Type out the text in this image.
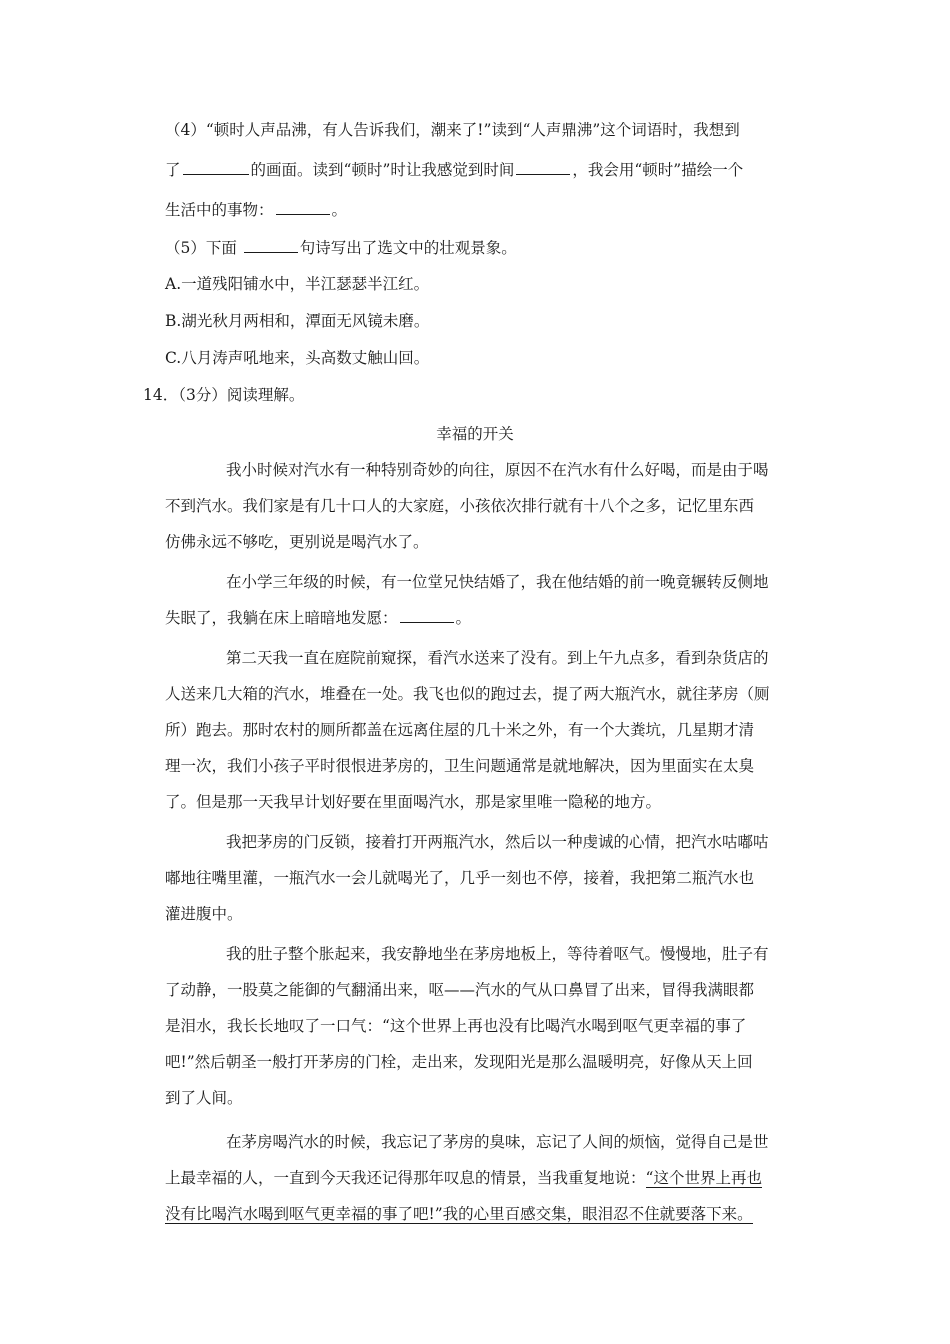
（4）“顿时人声品沸，有人告诉我们，潮来了!”读到“人声鼎沸”这个词语时，我想到
了	的画面。读到“顿时”时让我感觉到时间	，我会用“顿时”描绘一个
生活中的事物：	。
（5）下面	句诗写出了选文中的壮观景象。
A.一道残阳铺水中，半江瑟瑟半江红。
B.湖光秋月两相和，潭面无风镜未磨。
C.八月涛声吼地来，头高数丈触山回。
14．（3分）阅读理解。
幸福的开关
我小时候对汽水有一种特别奇妙的向往，原因不在汽水有什么好喝，而是由于喝
不到汽水。我们家是有几十口人的大家庭，小孩依次排行就有十八个之多，记忆里东西
仿佛永远不够吃，更别说是喝汽水了。
在小学三年级的时候，有一位堂兄快结婚了，我在他结婚的前一晚竟辗转反侧地
失眠了，我躺在床上暗暗地发愿：	。
第二天我一直在庭院前窥探，看汽水送来了没有。到上午九点多，看到杂货店的
人送来几大箱的汽水，堆叠在一处。我飞也似的跑过去，提了两大瓶汽水，就往茅房（厕
所）跑去。那时农村的厕所都盖在远离住屋的几十米之外，有一个大粪坑，几星期才清
理一次，我们小孩子平时很恨进茅房的，卫生问题通常是就地解决，因为里面实在太臭
了。但是那一天我早计划好要在里面喝汽水，那是家里唯一隐秘的地方。
我把茅房的门反锁，接着打开两瓶汽水，然后以一种虔诚的心情，把汽水咕嘟咕
嘟地往嘴里灌，一瓶汽水一会儿就喝光了，几乎一刻也不停，接着，我把第二瓶汽水也
灌进腹中。
我的肚子整个胀起来，我安静地坐在茅房地板上，等待着呕气。慢慢地，肚子有
了动静，一股莫之能御的气翻涌出来，呕——汽水的气从口鼻冒了出来，冒得我满眼都
是泪水，我长长地叹了一口气：“这个世界上再也没有比喝汽水喝到呕气更幸福的事了
吧!”然后朝圣一般打开茅房的门栓，走出来，发现阳光是那么温暖明亮，好像从天上回
到了人间。
在茅房喝汽水的时候，我忘记了茅房的臭味，忘记了人间的烦恼，觉得自己是世
上最幸福的人，一直到今天我还记得那年叹息的情景，当我重复地说：“这个世界上再也
没有比喝汽水喝到呕气更幸福的事了吧!”我的心里百感交集，眼泪忍不住就要落下来。
